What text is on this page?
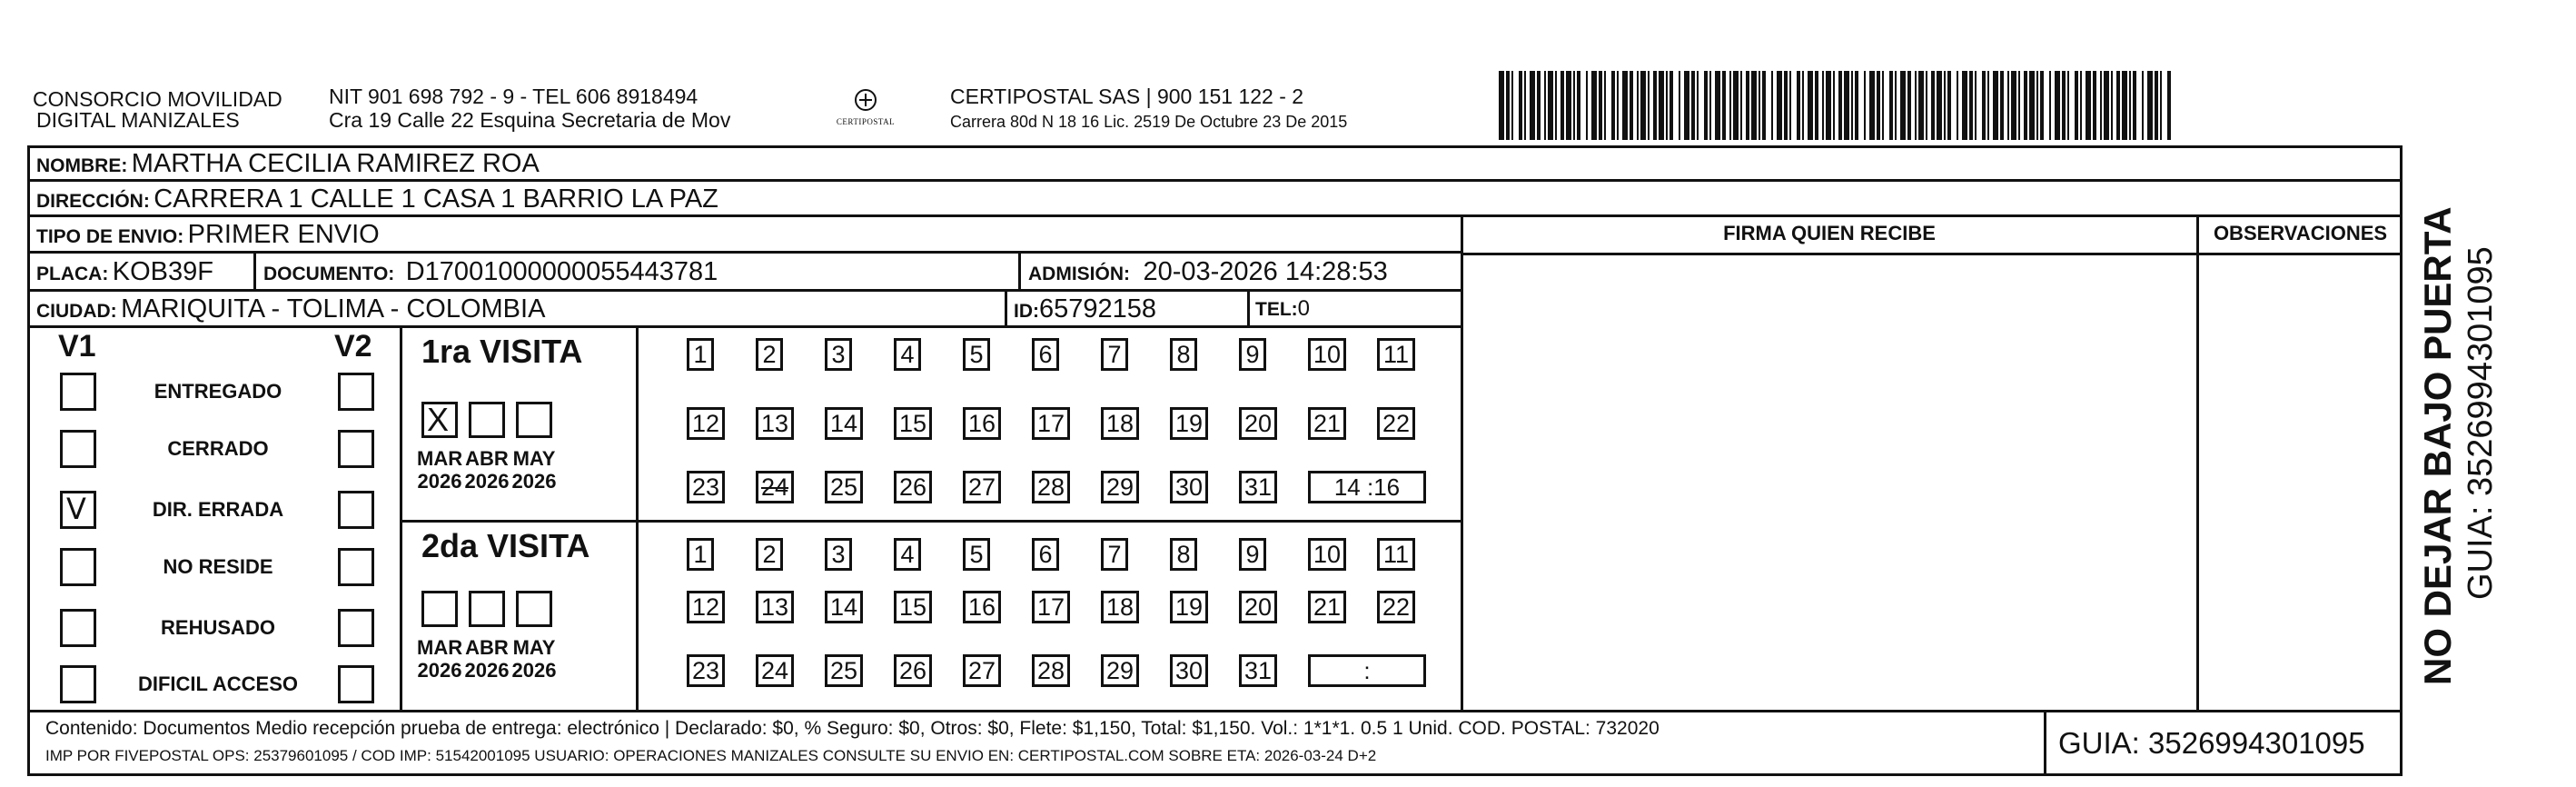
CONSORCIO MOVILIDAD
DIGITAL MANIZALES
NIT 901 698 792 - 9 - TEL 606 8918494
Cra 19 Calle 22 Esquina Secretaria de Mov	CERTIPOSTAL
CERTIPOSTAL SAS | 900 151 122 - 2
Carrera 80d N 18 16 Lic. 2519 De Octubre 23 De 2015
NOMBRE: MARTHA CECILIA RAMIREZ ROA
DIRECCIÓN: CARRERA 1 CALLE 1 CASA 1 BARRIO LA PAZ
TIPO DE ENVIO: PRIMER ENVIO	FIRMA QUIEN RECIBE	OBSERVACIONES
PLACA: KOB39F	DOCUMENTO: D17001000000055443781	ADMISIÓN: 20-03-2026 14:28:53
CIUDAD: MARIQUITA - TOLIMA - COLOMBIA	ID:65792158	TEL:0
V1	V2
ENTREGADO
CERRADO
V	DIR. ERRADA
NO RESIDE
REHUSADO
DIFICIL ACCESO
1ra VISITA
X
MAR
2026
ABR
2026
MAY
2026
1 2 3 4 5 6 7 8 9 10 11
12 13 14 15 16 17 18 19 20 21 22
23 24 25 26 27 28 29 30 31	14 :16
2da VISITA
MAR
2026
ABR
2026
MAY
2026
1 2 3 4 5 6 7 8 9 10 11
12 13 14 15 16 17 18 19 20 21 22
23 24 25 26 27 28 29 30 31	:
Contenido: Documentos Medio recepción prueba de entrega: electrónico | Declarado: $0, % Seguro: $0, Otros: $0, Flete: $1,150, Total: $1,150. Vol.: 1*1*1. 0.5 1 Unid. COD. POSTAL: 732020
IMP POR FIVEPOSTAL OPS: 25379601095 / COD IMP: 51542001095 USUARIO: OPERACIONES MANIZALES CONSULTE SU ENVIO EN: CERTIPOSTAL.COM SOBRE ETA: 2026-03-24 D+2	GUIA: 3526994301095
NO DEJAR BAJO PUERTA GUIA: 3526994301095
